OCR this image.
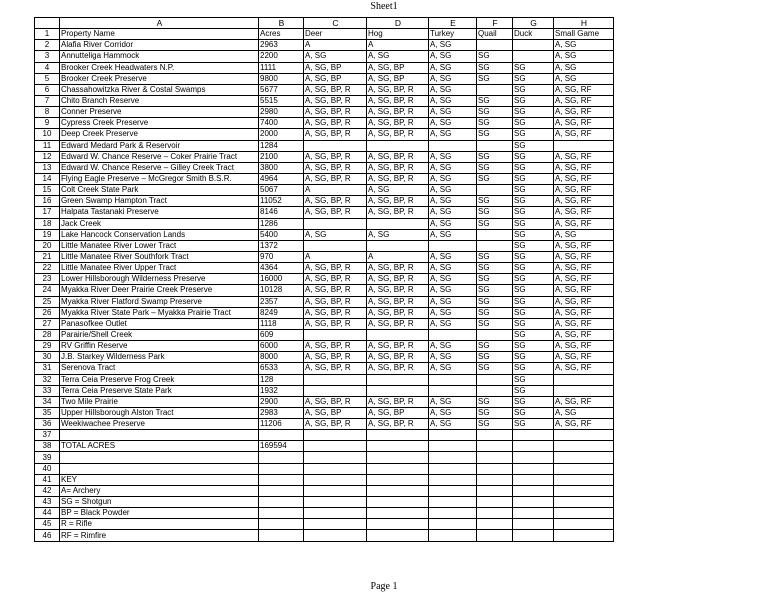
Sheet1
	A	B	C	D	E	F	G	H
1	Property Name	Acres	Deer	Hog	Turkey	Quail	Duck	Small Game
2	Alafia River Corridor	2963	A	A	A, SG			A, SG
3	Annutteliga Hammock	2200	A, SG	A, SG	A, SG	SG		A, SG
4	Brooker Creek Headwaters N.P.	1111	A, SG, BP	A, SG, BP	A, SG	SG	SG	A, SG
5	Brooker Creek Preserve	9800	A, SG, BP	A, SG, BP	A, SG	SG	SG	A, SG
6	Chassahowitzka River & Costal Swamps	5677	A, SG, BP, R	A, SG, BP, R	A, SG		SG	A, SG, RF
7	Chito Branch Reserve	5515	A, SG, BP, R	A, SG, BP, R	A, SG	SG	SG	A, SG, RF
8	Conner Preserve	2980	A, SG, BP, R	A, SG, BP, R	A, SG	SG	SG	A, SG, RF
9	Cypress Creek Preserve	7400	A, SG, BP, R	A, SG, BP, R	A, SG	SG	SG	A, SG, RF
10	Deep Creek Preserve	2000	A, SG, BP, R	A, SG, BP, R	A, SG	SG	SG	A, SG, RF
11	Edward Medard Park & Reservoir	1284					SG	
12	Edward W. Chance Reserve – Coker Prairie Tract	2100	A, SG, BP, R	A, SG, BP, R	A, SG	SG	SG	A, SG, RF
13	Edward W. Chance Reserve – Gilley Creek Tract	3800	A, SG, BP, R	A, SG, BP, R	A, SG	SG	SG	A, SG, RF
14	Flying Eagle Preserve – McGregor Smith B.S.R.	4964	A, SG, BP, R	A, SG, BP, R	A, SG	SG	SG	A, SG, RF
15	Colt Creek State Park	5067	A	A, SG	A, SG		SG	A, SG, RF
16	Green Swamp Hampton Tract	11052	A, SG, BP, R	A, SG, BP, R	A, SG	SG	SG	A, SG, RF
17	Halpata Tastanaki Preserve	8146	A, SG, BP, R	A, SG, BP, R	A, SG	SG	SG	A, SG, RF
18	Jack Creek	1286			A, SG	SG	SG	A, SG, RF
19	Lake Hancock Conservation Lands	5400	A, SG	A, SG	A, SG		SG	A, SG
20	Little Manatee River Lower Tract	1372					SG	A, SG, RF
21	Little Manatee River Southfork Tract	970	A	A	A, SG	SG	SG	A, SG, RF
22	Little Manatee River Upper Tract	4364	A, SG, BP, R	A, SG, BP, R	A, SG	SG	SG	A, SG, RF
23	Lower Hillsborough Wilderness Preserve	16000	A, SG, BP, R	A, SG, BP, R	A, SG	SG	SG	A, SG, RF
24	Myakka River Deer Prairie Creek Preserve	10128	A, SG, BP, R	A, SG, BP, R	A, SG	SG	SG	A, SG, RF
25	Myakka River Flatford Swamp Preserve	2357	A, SG, BP, R	A, SG, BP, R	A, SG	SG	SG	A, SG, RF
26	Myakka River State Park – Myakka Prairie Tract	8249	A, SG, BP, R	A, SG, BP, R	A, SG	SG	SG	A, SG, RF
27	Panasofkee Outlet	1118	A, SG, BP, R	A, SG, BP, R	A, SG	SG	SG	A, SG, RF
28	Parairie/Shell Creek	609					SG	A, SG, RF
29	RV Griffin Reserve	6000	A, SG, BP, R	A, SG, BP, R	A, SG	SG	SG	A, SG, RF
30	J.B. Starkey Wilderness Park	8000	A, SG, BP, R	A, SG, BP, R	A, SG	SG	SG	A, SG, RF
31	Serenova Tract	6533	A, SG, BP, R	A, SG, BP, R	A, SG	SG	SG	A, SG, RF
32	Terra Ceia Preserve Frog Creek	128					SG	
33	Terra Ceia Preserve State Park	1932					SG	
34	Two Mile Prairie	2900	A, SG, BP, R	A, SG, BP, R	A, SG	SG	SG	A, SG, RF
35	Upper Hillsborough Alston Tract	2983	A, SG, BP	A, SG, BP	A, SG	SG	SG	A, SG
36	Weekiwachee Preserve	11206	A, SG, BP, R	A, SG, BP, R	A, SG	SG	SG	A, SG, RF
37								
38	TOTAL ACRES	169594						
39								
40								
41	KEY							
42	A= Archery							
43	SG = Shotgun							
44	BP = Black Powder							
45	R = Rifle							
46	RF = Rimfire							
Page 1
